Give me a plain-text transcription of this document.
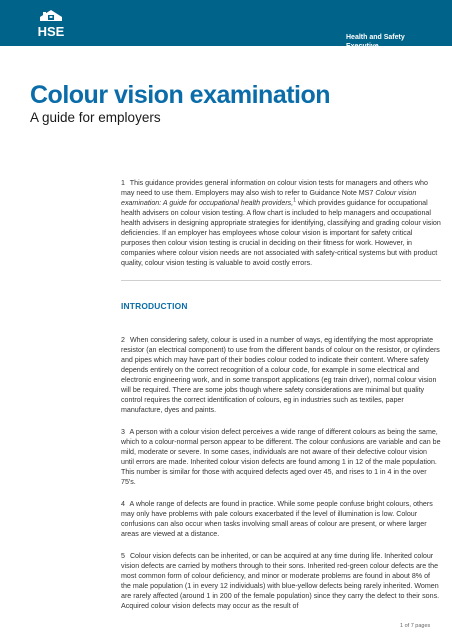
HSE	Health and Safety
Executive
Colour vision examination

A guide for employers

1 This guidance provides general information on colour vision tests for managers and others who may need to use them. Employers may also wish to refer to Guidance Note MS7 Colour vision examination: A guide for occupational health providers,$^1$ which provides guidance for occupational health advisers on colour vision testing. A flow chart is included to help managers and occupational health advisers in designing appropriate strategies for identifying, classifying and grading colour vision deficiencies. If an employer has employees whose colour vision is important for safety critical purposes then colour vision testing is crucial in deciding on their fitness for work. However, in companies where colour vision needs are not associated with safety-critical systems but with product quality, colour vision testing is valuable to avoid costly errors.

INTRODUCTION

2 When considering safety, colour is used in a number of ways, eg identifying the most appropriate resistor (an electrical component) to use from the different bands of colour on the resistor, or cylinders and pipes which may have part of their bodies colour coded to indicate their content. Where safety depends entirely on the correct recognition of a colour code, for example in some electrical and electronic engineering work, and in some transport applications (eg train driver), normal colour vision will be required. There are some jobs though where safety considerations are minimal but quality control requires the correct identification of colours, eg in industries such as textiles, paper manufacture, dyes and paints.

3 A person with a colour vision defect perceives a wide range of different colours as being the same, which to a colour-normal person appear to be different. The colour confusions are variable and can be mild, moderate or severe. In some cases, individuals are not aware of their defective colour vision until errors are made. Inherited colour vision defects are found among 1 in 12 of the male population. This number is similar for those with acquired defects aged over 45, and rises to 1 in 4 in the over 75's.

4 A whole range of defects are found in practice. While some people confuse bright colours, others may only have problems with pale colours exacerbated if the level of illumination is low. Colour confusions can also occur when tasks involving small areas of colour are present, or where larger areas are viewed at a distance.

5 Colour vision defects can be inherited, or can be acquired at any time during life. Inherited colour vision defects are carried by mothers through to their sons. Inherited red-green colour defects are the most common form of colour deficiency, and minor or moderate problems are found in about 8% of the male population (1 in every 12 individuals) with blue-yellow defects being rarely inherited. Women are rarely affected (around 1 in 200 of the female population) since they carry the defect to their sons. Acquired colour vision defects may occur as the result of

1 of 7 pages
